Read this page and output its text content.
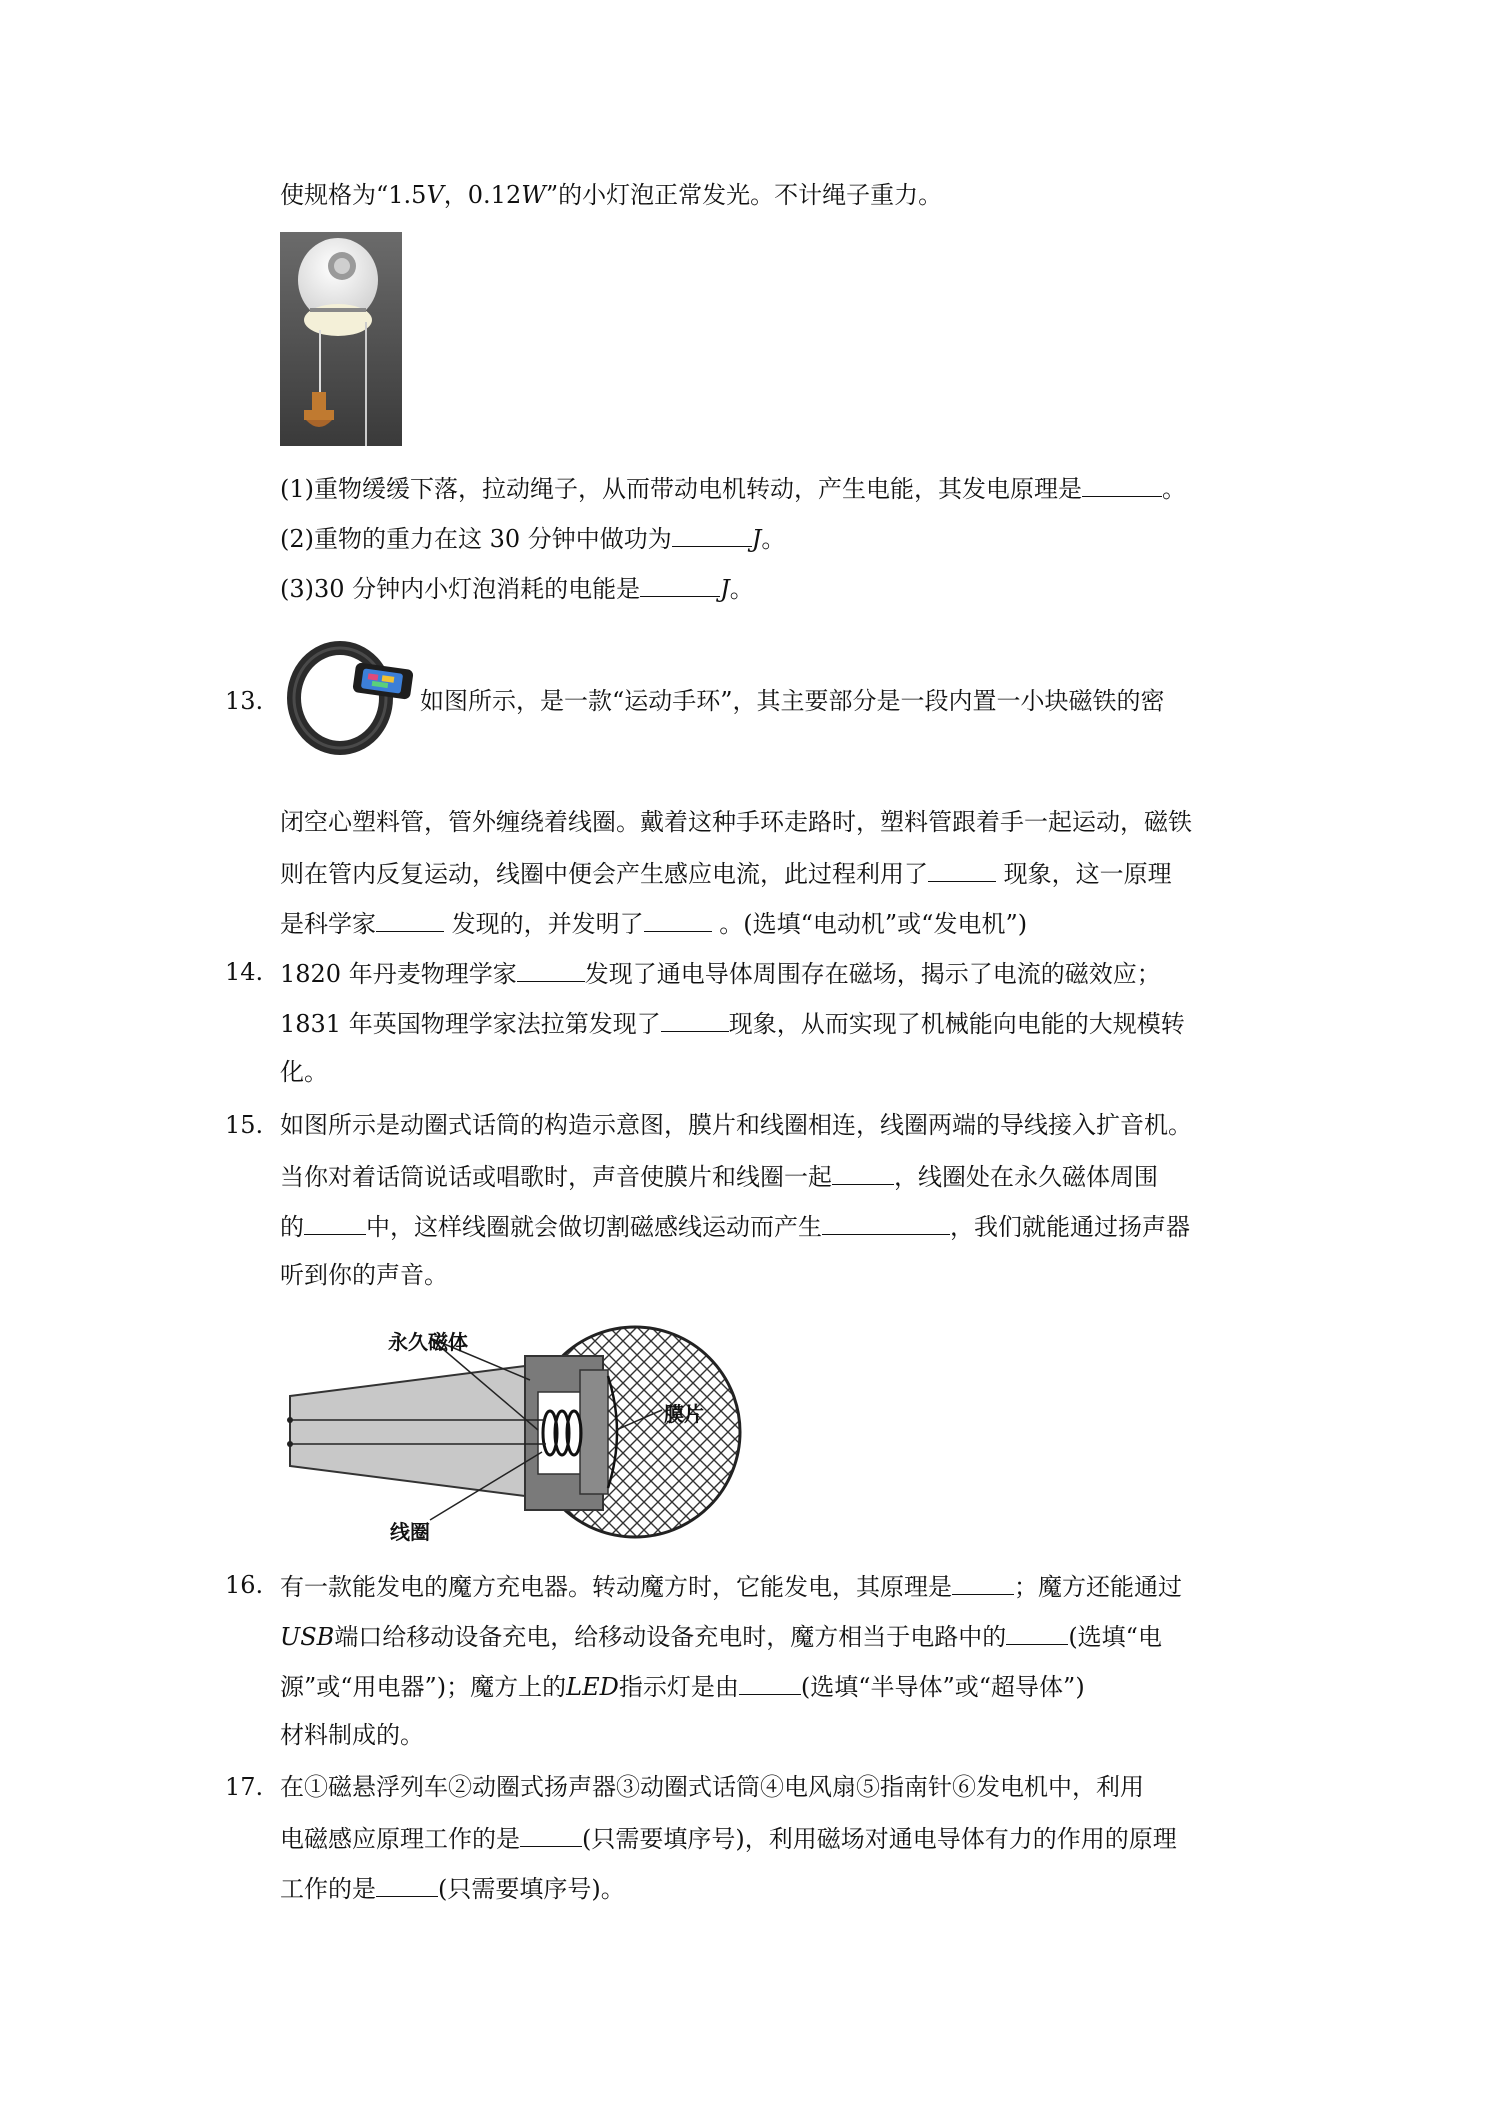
使规格为“1.5V，0.12W”的小灯泡正常发光。不计绳子重力。
(1)重物缓缓下落，拉动绳子，从而带动电机转动，产生电能，其发电原理是	。
(2)重物的重力在这 30 分钟中做功为	J。
(3)30 分钟内小灯泡消耗的电能是	J。
13.	如图所示，是一款“运动手环”，其主要部分是一段内置一小块磁铁的密
闭空心塑料管，管外缠绕着线圈。戴着这种手环走路时，塑料管跟着手一起运动，磁铁
则在管内反复运动，线圈中便会产生感应电流，此过程利用了	现象，这一原理
是科学家	发现的，并发明了	。(选填“电动机”或“发电机”)
14. 1820 年丹麦物理学家	发现了通电导体周围存在磁场，揭示了电流的磁效应；
1831 年英国物理学家法拉第发现了	现象，从而实现了机械能向电能的大规模转
化。
15. 如图所示是动圈式话筒的构造示意图，膜片和线圈相连，线圈两端的导线接入扩音机。
当你对着话筒说话或唱歌时，声音使膜片和线圈一起	，线圈处在永久磁体周围
的	中，这样线圈就会做切割磁感线运动而产生	，我们就能通过扬声器
听到你的声音。
永久磁体
膜片
线圈
16. 有一款能发电的魔方充电器。转动魔方时，它能发电，其原理是	；魔方还能通过
USB端口给移动设备充电，给移动设备充电时，魔方相当于电路中的	(选填“电
源”或“用电器”)；魔方上的LED指示灯是由	(选填“半导体”或“超导体”)
材料制成的。
17. 在①磁悬浮列车②动圈式扬声器③动圈式话筒④电风扇⑤指南针⑥发电机中，利用
电磁感应原理工作的是	(只需要填序号)，利用磁场对通电导体有力的作用的原理
工作的是	(只需要填序号)。
